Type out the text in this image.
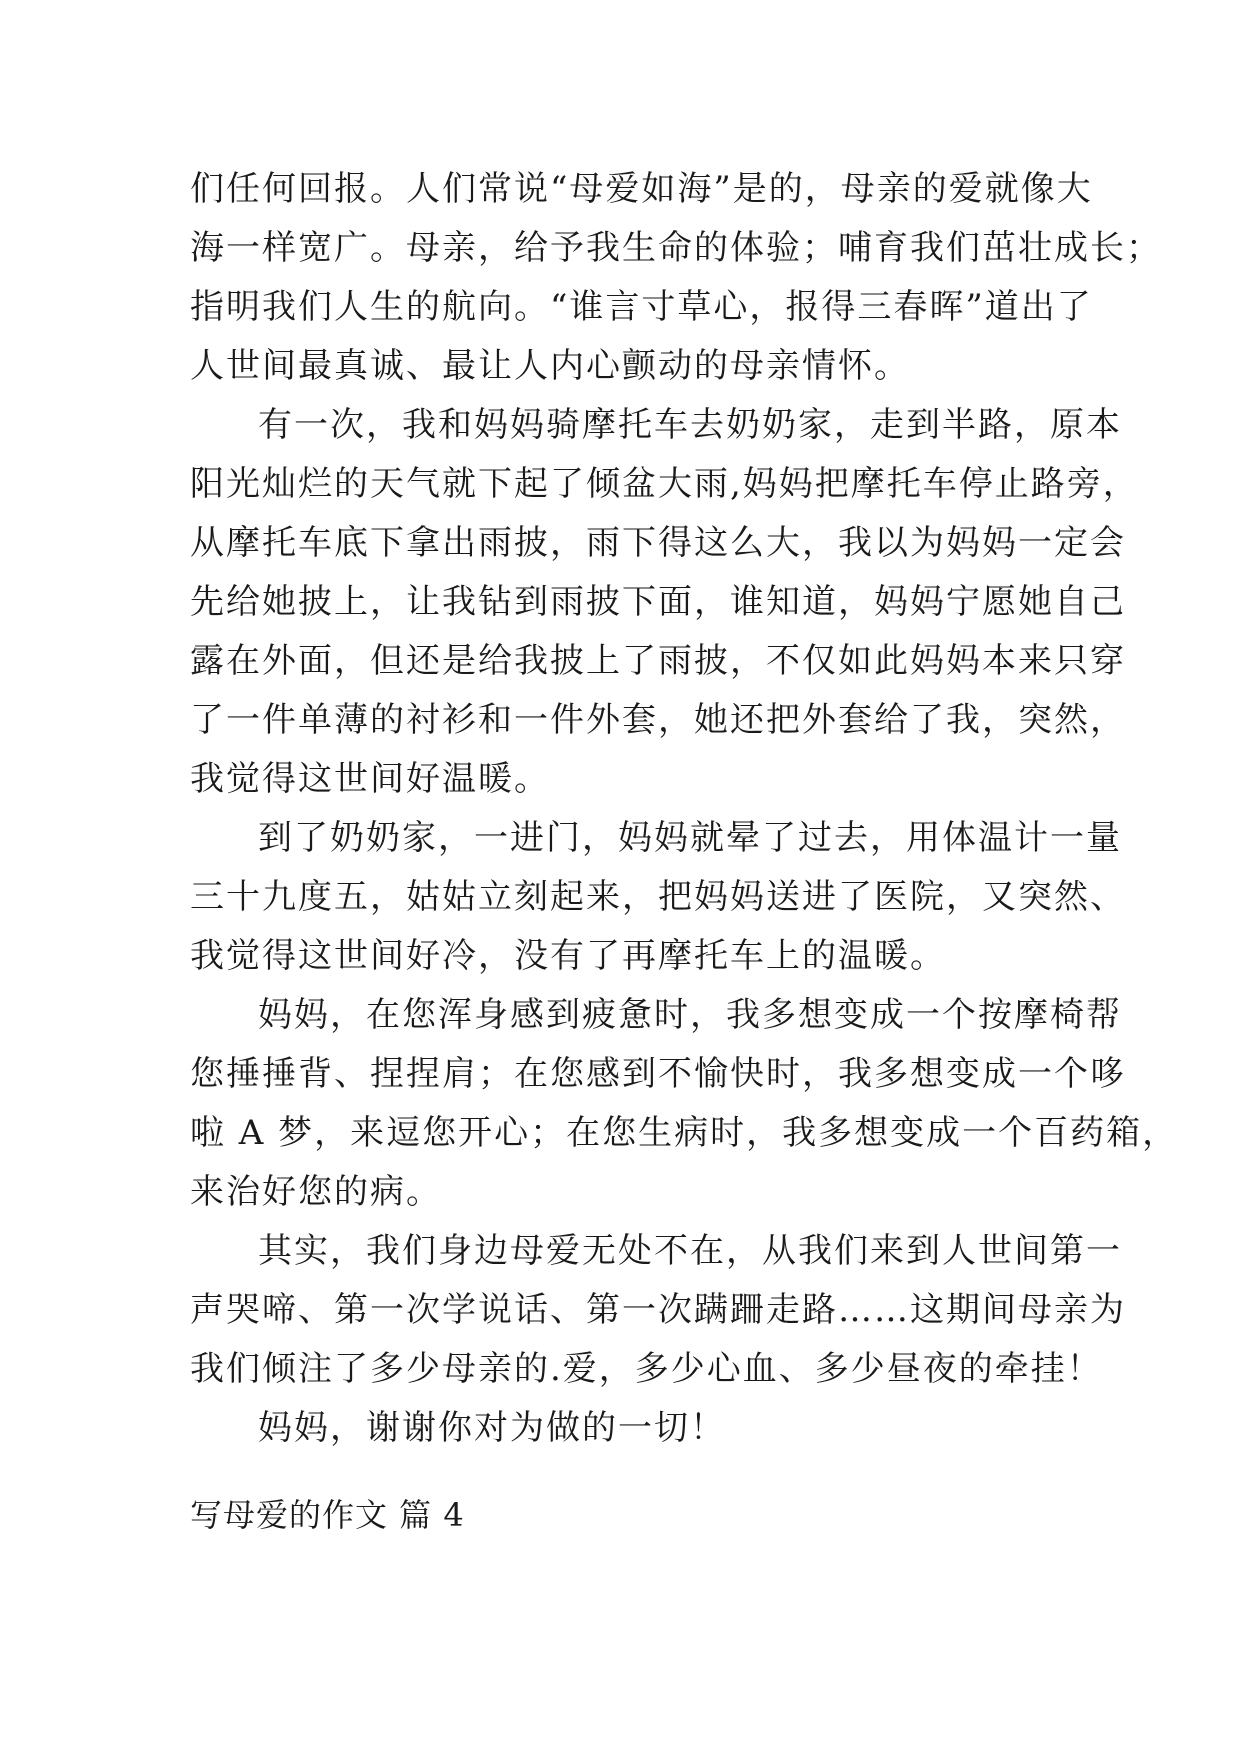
们任何回报。人们常说“母爱如海”是的，母亲的爱就像大
海一样宽广。母亲，给予我生命的体验；哺育我们茁壮成长；
指明我们人生的航向。“谁言寸草心，报得三春晖”道出了
人世间最真诚、最让人内心颤动的母亲情怀。
有一次，我和妈妈骑摩托车去奶奶家，走到半路，原本
阳光灿烂的天气就下起了倾盆大雨,妈妈把摩托车停止路旁，
从摩托车底下拿出雨披，雨下得这么大，我以为妈妈一定会
先给她披上，让我钻到雨披下面，谁知道，妈妈宁愿她自己
露在外面，但还是给我披上了雨披，不仅如此妈妈本来只穿
了一件单薄的衬衫和一件外套，她还把外套给了我，突然，
我觉得这世间好温暖。
到了奶奶家，一进门，妈妈就晕了过去，用体温计一量
三十九度五，姑姑立刻起来，把妈妈送进了医院，又突然、
我觉得这世间好冷，没有了再摩托车上的温暖。
妈妈，在您浑身感到疲惫时，我多想变成一个按摩椅帮
您捶捶背、捏捏肩；在您感到不愉快时，我多想变成一个哆
啦 A 梦，来逗您开心；在您生病时，我多想变成一个百药箱，
来治好您的病。
其实，我们身边母爱无处不在，从我们来到人世间第一
声哭啼、第一次学说话、第一次蹒跚走路……这期间母亲为
我们倾注了多少母亲的.爱，多少心血、多少昼夜的牵挂！
妈妈，谢谢你对为做的一切！
写母爱的作文 篇 4
